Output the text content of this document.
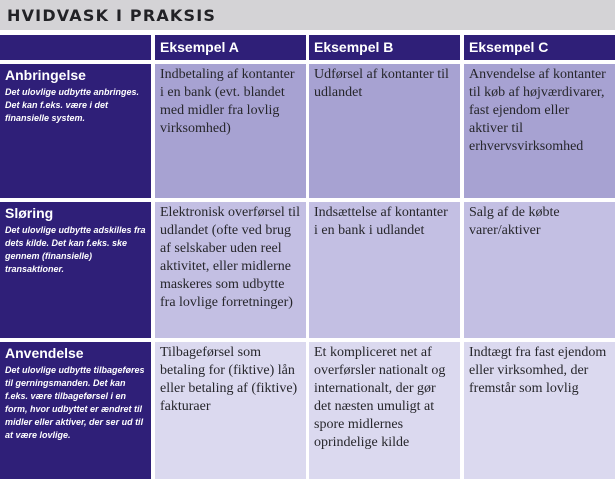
HVIDVASK I PRAKSIS
Eksempel A	Eksempel B	Eksempel C
Anbringelse
Det ulovlige udbytte anbringes. Det kan f.eks. være i det finansielle system.
Indbetaling af kontanter i en bank (evt. blandet med midler fra lovlig virksomhed)
Udførsel af kontanter til udlandet
Anvendelse af kontanter til køb af højværdivarer, fast ejendom eller aktiver til erhvervsvirksomhed
Sløring
Det ulovlige udbytte adskilles fra dets kilde. Det kan f.eks. ske gennem (finansielle) transaktioner.
Elektronisk overførsel til udlandet (ofte ved brug af selskaber uden reel aktivitet, eller midlerne maskeres som udbytte fra lovlige forretninger)
Indsættelse af kontanter i en bank i udlandet
Salg af de købte varer/aktiver
Anvendelse
Det ulovlige udbytte tilbageføres til gerningsmanden. Det kan f.eks. være tilbageførsel i en form, hvor udbyttet er ændret til midler eller aktiver, der ser ud til at være lovlige.
Tilbageførsel som betaling for (fiktive) lån eller betaling af (fiktive) fakturaer
Et kompliceret net af overførsler nationalt og internationalt, der gør det næsten umuligt at spore midlernes oprindelige kilde
Indtægt fra fast ejendom eller virksomhed, der fremstår som lovlig
